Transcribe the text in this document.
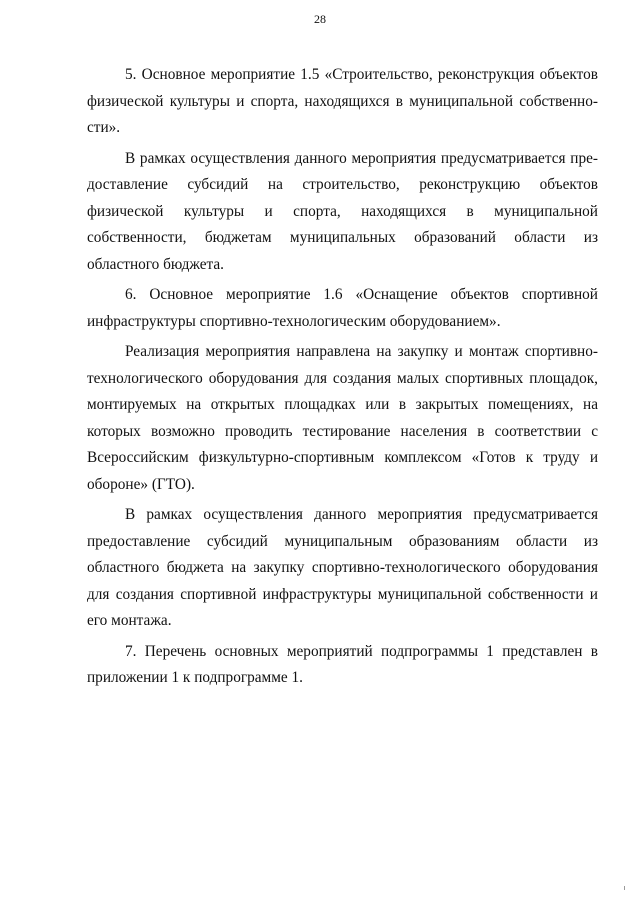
28

5. Основное мероприятие 1.5 «Строительство, реконструкция объектов физической культуры и спорта, находящихся в муниципальной собственности».

В рамках осуществления данного мероприятия предусматривается предоставление субсидий на строительство, реконструкцию объектов физической культуры и спорта, находящихся в муниципальной собственности, бюджетам муниципальных образований области из областного бюджета.

6. Основное мероприятие 1.6 «Оснащение объектов спортивной инфраструктуры спортивно-технологическим оборудованием».

Реализация мероприятия направлена на закупку и монтаж спортивно-технологического оборудования для создания малых спортивных площадок, монтируемых на открытых площадках или в закрытых помещениях, на которых возможно проводить тестирование населения в соответствии с Всероссийским физкультурно-спортивным комплексом «Готов к труду и обороне» (ГТО).

В рамках осуществления данного мероприятия предусматривается предоставление субсидий муниципальным образованиям области из областного бюджета на закупку спортивно-технологического оборудования для создания спортивной инфраструктуры муниципальной собственности и его монтажа.

7. Перечень основных мероприятий подпрограммы 1 представлен в приложении 1 к подпрограмме 1.
